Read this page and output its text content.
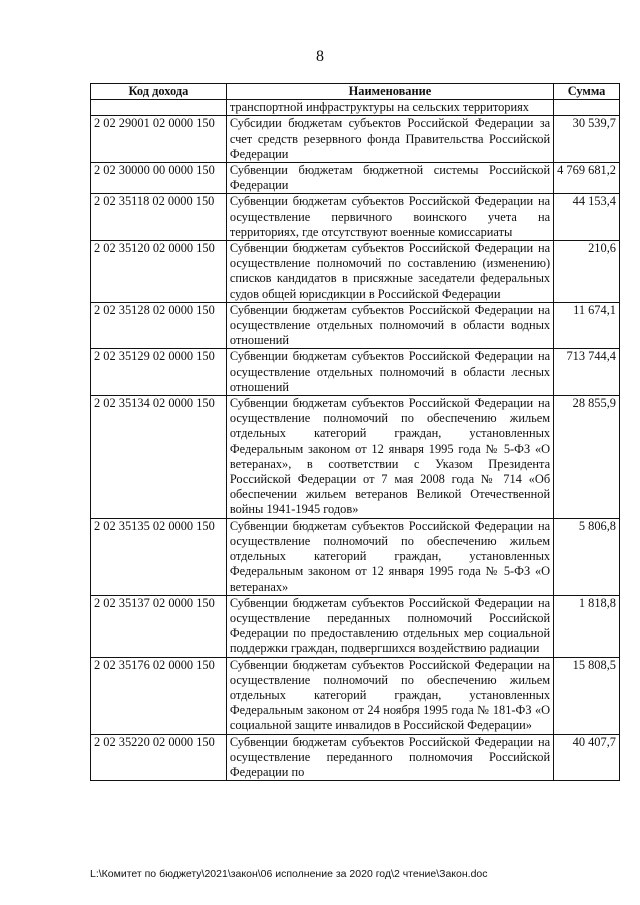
8
Код дохода	Наименование	Сумма
	транспортной инфраструктуры на сельских территориях	
2 02 29001 02 0000 150	Субсидии бюджетам субъектов Российской Федерации за счет средств резервного фонда Правительства Российской Федерации	30 539,7
2 02 30000 00 0000 150	Субвенции бюджетам бюджетной системы Российской Федерации	4 769 681,2
2 02 35118 02 0000 150	Субвенции бюджетам субъектов Российской Федерации на осуществление первичного воинского учета на территориях, где отсутствуют военные комиссариаты	44 153,4
2 02 35120 02 0000 150	Субвенции бюджетам субъектов Российской Федерации на осуществление полномочий по составлению (изменению) списков кандидатов в присяжные заседатели федеральных судов общей юрисдикции в Российской Федерации	210,6
2 02 35128 02 0000 150	Субвенции бюджетам субъектов Российской Федерации на осуществление отдельных полномочий в области водных отношений	11 674,1
2 02 35129 02 0000 150	Субвенции бюджетам субъектов Российской Федерации на осуществление отдельных полномочий в области лесных отношений	713 744,4
2 02 35134 02 0000 150	Субвенции бюджетам субъектов Российской Федерации на осуществление полномочий по обеспечению жильем отдельных категорий граждан, установленных Федеральным законом от 12 января 1995 года № 5-ФЗ «О ветеранах», в соответствии с Указом Президента Российской Федерации от 7 мая 2008 года № 714 «Об обеспечении жильем ветеранов Великой Отечественной войны 1941-1945 годов»	28 855,9
2 02 35135 02 0000 150	Субвенции бюджетам субъектов Российской Федерации на осуществление полномочий по обеспечению жильем отдельных категорий граждан, установленных Федеральным законом от 12 января 1995 года № 5-ФЗ «О ветеранах»	5 806,8
2 02 35137 02 0000 150	Субвенции бюджетам субъектов Российской Федерации на осуществление переданных полномочий Российской Федерации по предоставлению отдельных мер социальной поддержки граждан, подвергшихся воздействию радиации	1 818,8
2 02 35176 02 0000 150	Субвенции бюджетам субъектов Российской Федерации на осуществление полномочий по обеспечению жильем отдельных категорий граждан, установленных Федеральным законом от 24 ноября 1995 года № 181-ФЗ «О социальной защите инвалидов в Российской Федерации»	15 808,5
2 02 35220 02 0000 150	Субвенции бюджетам субъектов Российской Федерации на осуществление переданного полномочия Российской Федерации по	40 407,7
L:\Комитет по бюджету\2021\закон\06 исполнение за 2020 год\2 чтение\Закон.doc
